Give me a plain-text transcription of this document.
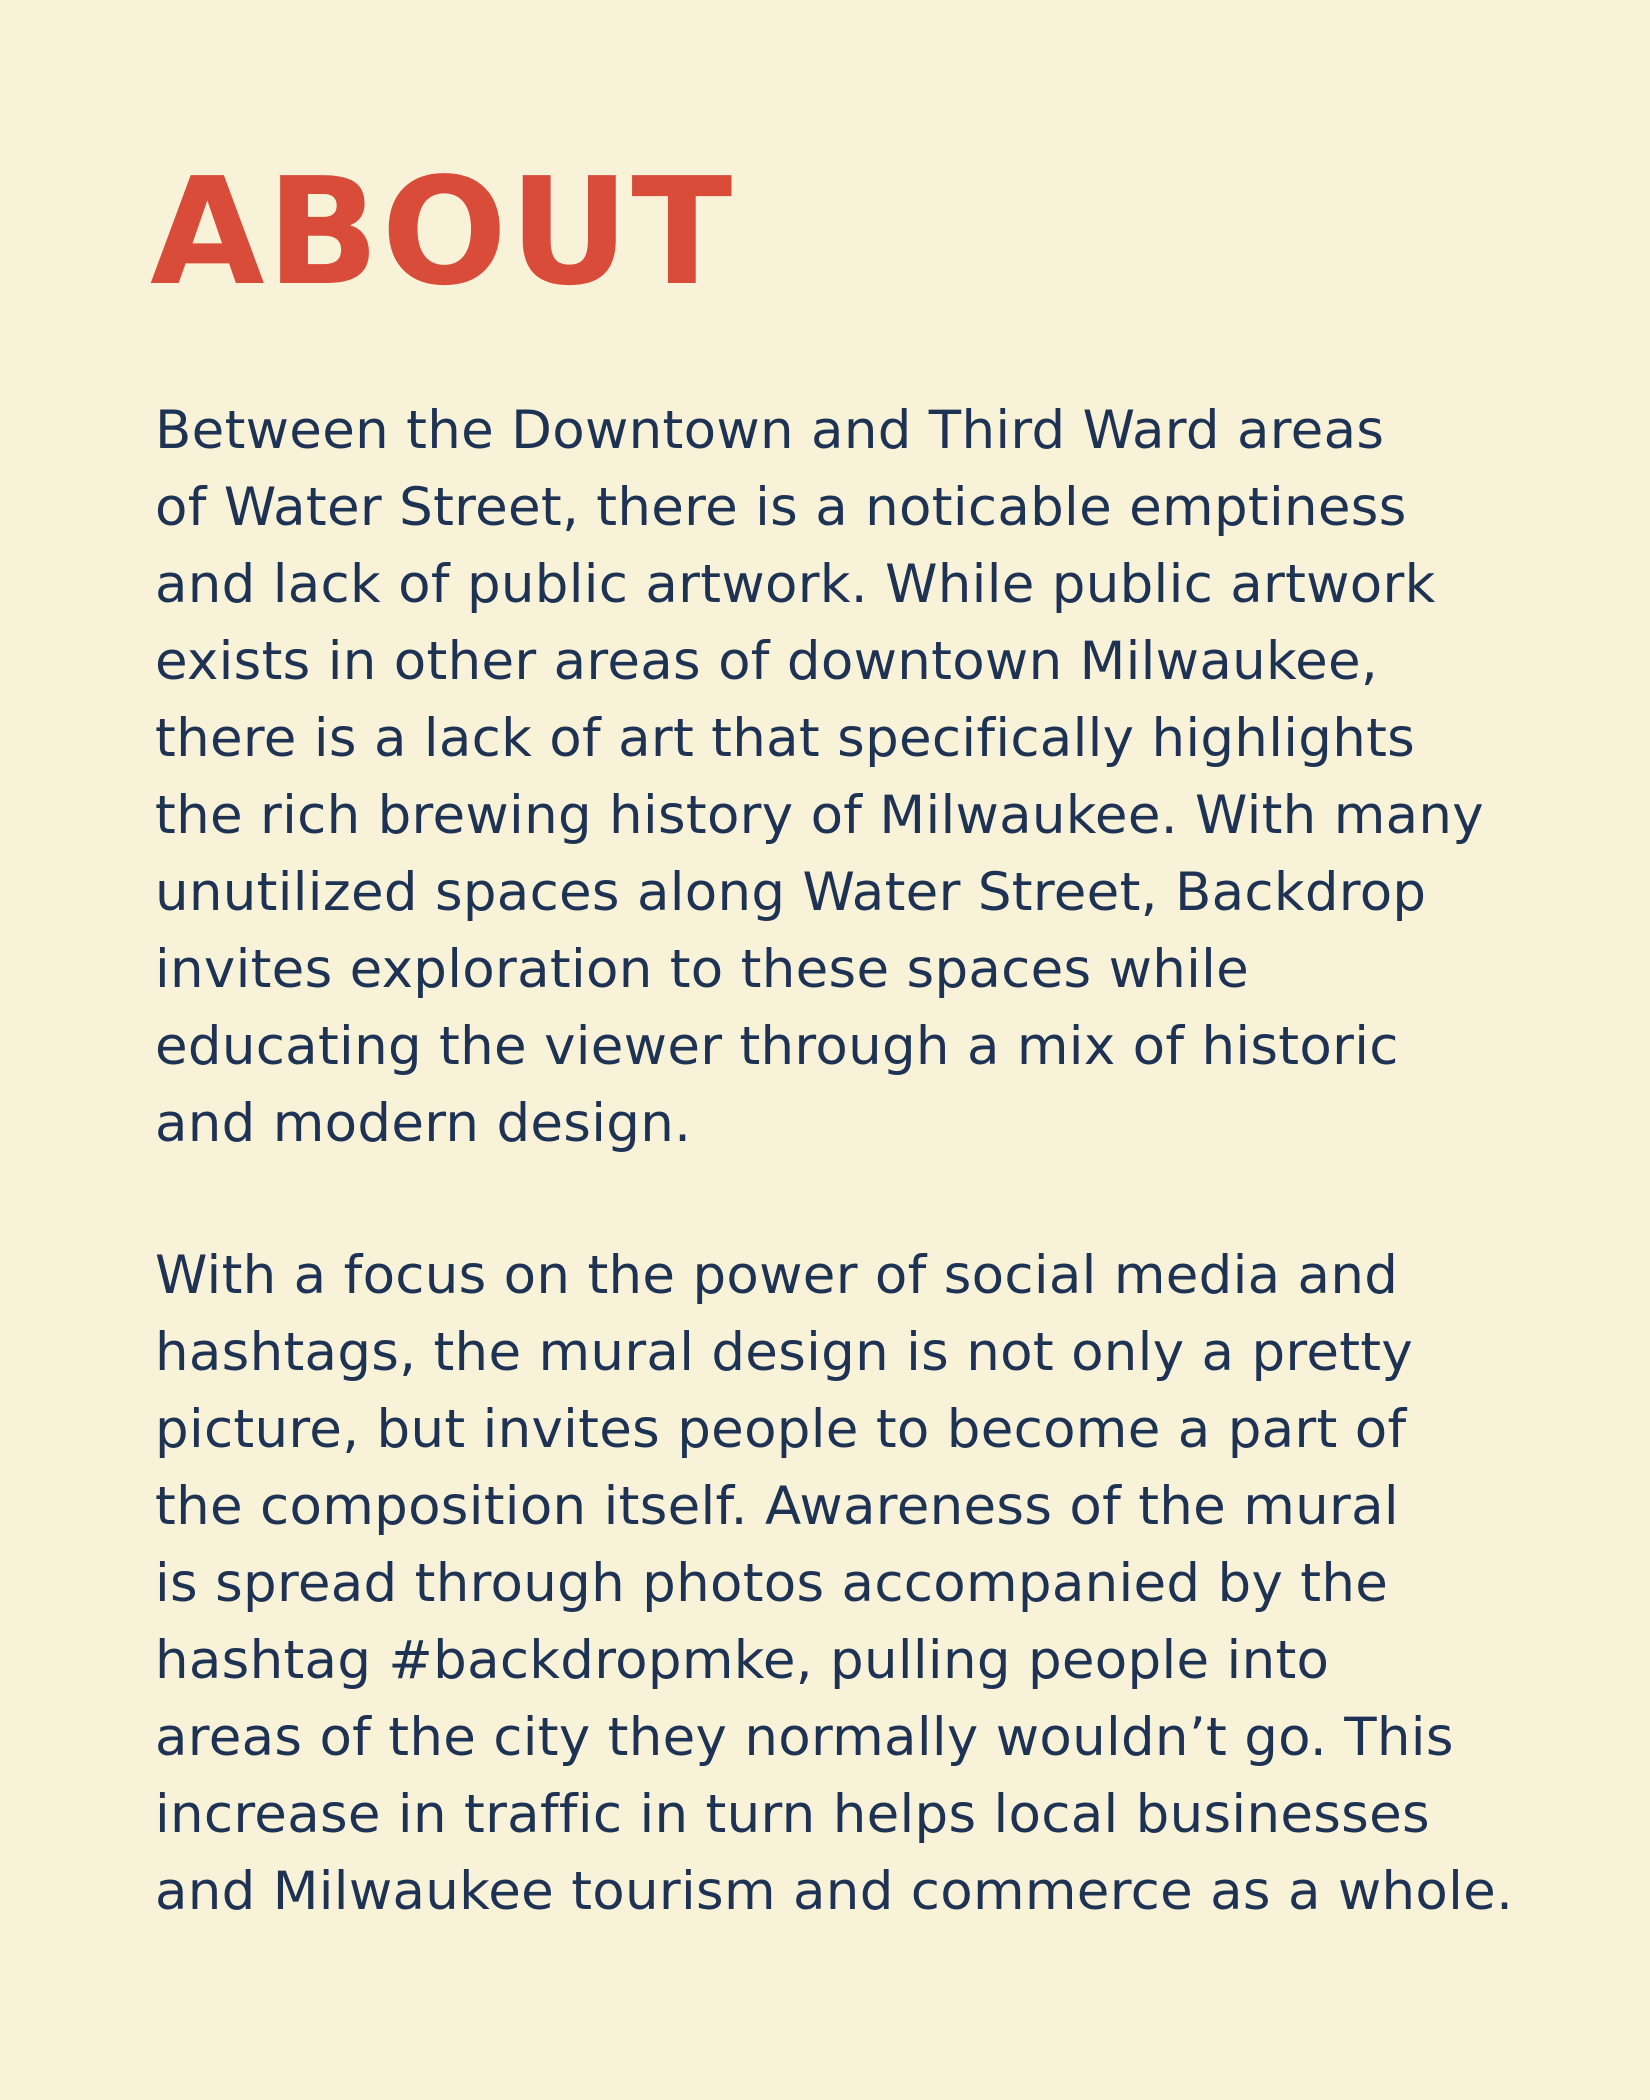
ABOUT

Between the Downtown and Third Ward areas
of Water Street, there is a noticable emptiness
and lack of public artwork. While public artwork
exists in other areas of downtown Milwaukee,
there is a lack of art that specifically highlights
the rich brewing history of Milwaukee. With many
unutilized spaces along Water Street, Backdrop
invites exploration to these spaces while
educating the viewer through a mix of historic
and modern design.

With a focus on the power of social media and
hashtags, the mural design is not only a pretty
picture, but invites people to become a part of
the composition itself. Awareness of the mural
is spread through photos accompanied by the
hashtag #backdropmke, pulling people into
areas of the city they normally wouldn’t go. This
increase in traffic in turn helps local businesses
and Milwaukee tourism and commerce as a whole.
